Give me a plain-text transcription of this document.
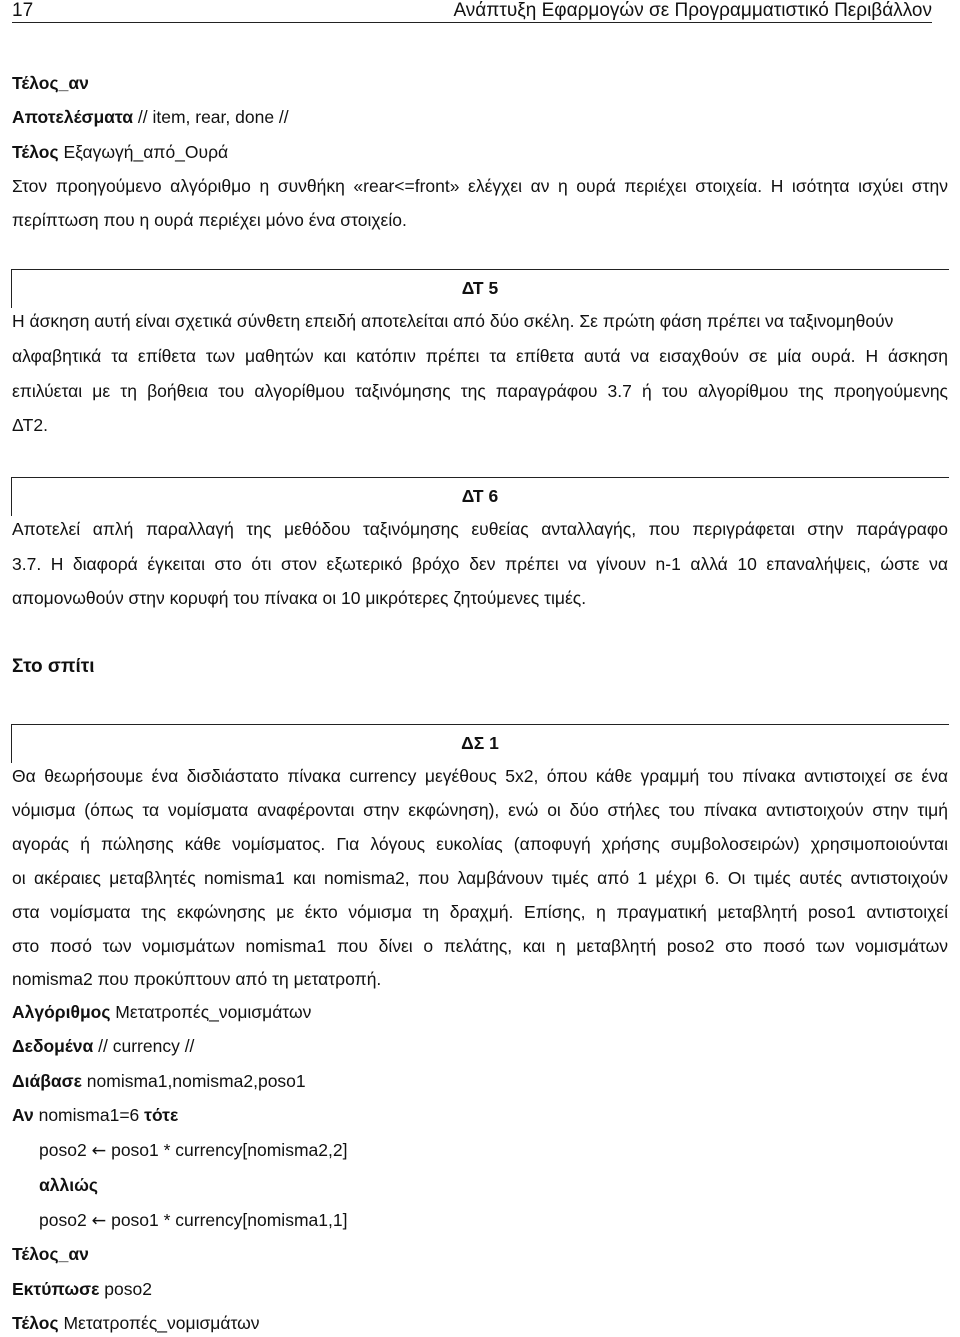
17	Ανάπτυξη Εφαρμογών σε Προγραμματιστικό Περιβάλλον
Τέλος_αν
Αποτελέσματα // item, rear, done //
Τέλος Εξαγωγή_από_Ουρά
Στον προηγούμενο αλγόριθμο η συνθήκη «rear<=front» ελέγχει αν η ουρά περιέχει στοιχεία. Η ισότητα ισχύει στην
περίπτωση που η ουρά περιέχει μόνο ένα στοιχείο.
ΔΤ 5
Η άσκηση αυτή είναι σχετικά σύνθετη επειδή αποτελείται από δύο σκέλη. Σε πρώτη φάση πρέπει να ταξινομηθούν
αλφαβητικά τα επίθετα των μαθητών και κατόπιν πρέπει τα επίθετα αυτά να εισαχθούν σε μία ουρά. Η άσκηση
επιλύεται με τη βοήθεια του αλγορίθμου ταξινόμησης της παραγράφου 3.7 ή του αλγορίθμου της προηγούμενης
ΔΤ2.
ΔΤ 6
Αποτελεί απλή παραλλαγή της μεθόδου ταξινόμησης ευθείας ανταλλαγής, που περιγράφεται στην παράγραφο
3.7. Η διαφορά έγκειται στο ότι στον εξωτερικό βρόχο δεν πρέπει να γίνουν n-1 αλλά 10 επαναλήψεις, ώστε να
απομονωθούν στην κορυφή του πίνακα οι 10 μικρότερες ζητούμενες τιμές.
Στο σπίτι
ΔΣ 1
Θα θεωρήσουμε ένα δισδιάστατο πίνακα currency μεγέθους 5x2, όπου κάθε γραμμή του πίνακα αντιστοιχεί σε ένα
νόμισμα (όπως τα νομίσματα αναφέρονται στην εκφώνηση), ενώ οι δύο στήλες του πίνακα αντιστοιχούν στην τιμή
αγοράς ή πώλησης κάθε νομίσματος. Για λόγους ευκολίας (αποφυγή χρήσης συμβολοσειρών) χρησιμοποιούνται
οι ακέραιες μεταβλητές nomisma1 και nomisma2, που λαμβάνουν τιμές από 1 μέχρι 6. Οι τιμές αυτές αντιστοιχούν
στα νομίσματα της εκφώνησης με έκτο νόμισμα τη δραχμή. Επίσης, η πραγματική μεταβλητή poso1 αντιστοιχεί
στο ποσό των νομισμάτων nomisma1 που δίνει ο πελάτης, και η μεταβλητή poso2 στο ποσό των νομισμάτων
nomisma2 που προκύπτουν από τη μετατροπή.
Αλγόριθμος Μετατροπές_νομισμάτων
Δεδομένα // currency //
Διάβασε nomisma1,nomisma2,poso1
Αν nomisma1=6 τότε
poso2 ← poso1 * currency[nomisma2,2]
αλλιώς
poso2 ← poso1 * currency[nomisma1,1]
Τέλος_αν
Εκτύπωσε poso2
Τέλος Μετατροπές_νομισμάτων
